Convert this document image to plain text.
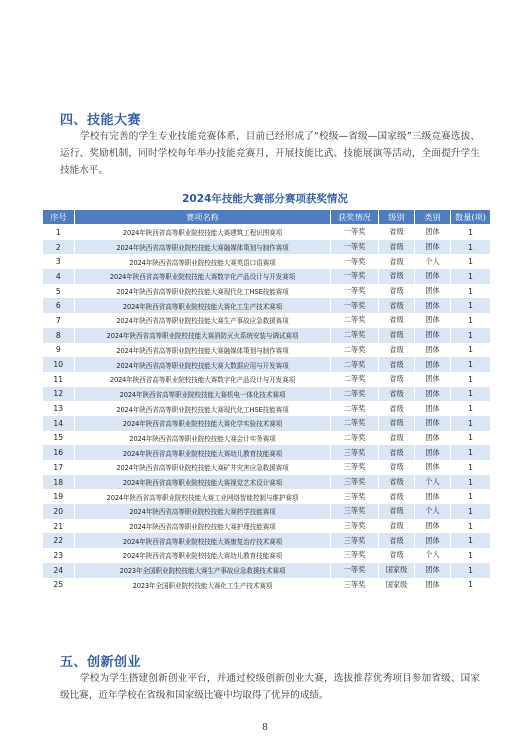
四、技能大赛
学校有完善的学生专业技能竞赛体系，目前已经形成了“校级—省级—国家级”三级竞赛选拔、运行、奖励机制，同时学校每年举办技能竞赛月，开展技能比武、技能展演等活动，全面提升学生技能水平。
2024年技能大赛部分赛项获奖情况
序号	赛项名称	获奖情况	级别	类别	数量(项)
1	2024年陕西省高等职业院校技能大赛建筑工程识图赛项	一等奖	省级	团体	1
2	2024年陕西省高等职业院校技能大赛融媒体策划与制作赛项	一等奖	省级	团体	1
3	2024年陕西省高等职业院校技能大赛英语口语赛项	一等奖	省级	个人	1
4	2024年陕西省高等职业院校技能大赛数字化产品设计与开发赛项	一等奖	省级	团体	1
5	2024年陕西省高等职业院校技能大赛现代化工HSE技能赛项	一等奖	省级	团体	1
6	2024年陕西省高等职业院校技能大赛化工生产技术赛项	一等奖	省级	团体	1
7	2024年陕西省高等职业院校技能大赛生产事故应急救援赛项	二等奖	省级	团体	1
8	2024年陕西省高等职业院校技能大赛消防灭火系统安装与调试赛项	二等奖	省级	团体	1
9	2024年陕西省高等职业院校技能大赛融媒体策划与制作赛项	二等奖	省级	团体	1
10	2024年陕西省高等职业院校技能大赛大数据应用与开发赛项	二等奖	省级	团体	1
11	2024年陕西省高等职业院校技能大赛数字化产品设计与开发赛项	二等奖	省级	团体	1
12	2024年陕西省高等职业院校技能大赛机电一体化技术赛项	二等奖	省级	团体	1
13	2024年陕西省高等职业院校技能大赛现代化工HSE技能赛项	二等奖	省级	团体	1
14	2024年陕西省高等职业院校技能大赛化学实验技术赛项	二等奖	省级	团体	1
15	2024年陕西省高等职业院校技能大赛会计实务赛项	二等奖	省级	团体	1
16	2024年陕西省高等职业院校技能大赛幼儿教育技能赛项	三等奖	省级	团体	1
17	2024年陕西省高等职业院校技能大赛矿井灾害应急救援赛项	三等奖	省级	团体	1
18	2024年陕西省高等职业院校技能大赛视觉艺术设计赛项	三等奖	省级	个人	1
19	2024年陕西省高等职业院校技能大赛工业网络智能控制与维护赛项	三等奖	省级	团体	1
20	2024年陕西省高等职业院校技能大赛药学技能赛项	三等奖	省级	个人	1
21	2024年陕西省高等职业院校技能大赛护理技能赛项	三等奖	省级	团体	1
22	2024年陕西省高等职业院校技能大赛康复治疗技术赛项	三等奖	省级	团体	1
23	2024年陕西省高等职业院校技能大赛幼儿教育技能赛项	三等奖	省级	个人	1
24	2023年全国职业院校技能大赛生产事故应急救援技术赛项	一等奖	国家级	团体	1
25	2023年全国职业院校技能大赛化工生产技术赛项	三等奖	国家级	团体	1
五、创新创业
学校为学生搭建创新创业平台，并通过校级创新创业大赛，选拔推荐优秀项目参加省级、国家级比赛，近年学校在省级和国家级比赛中均取得了优异的成绩。
8
